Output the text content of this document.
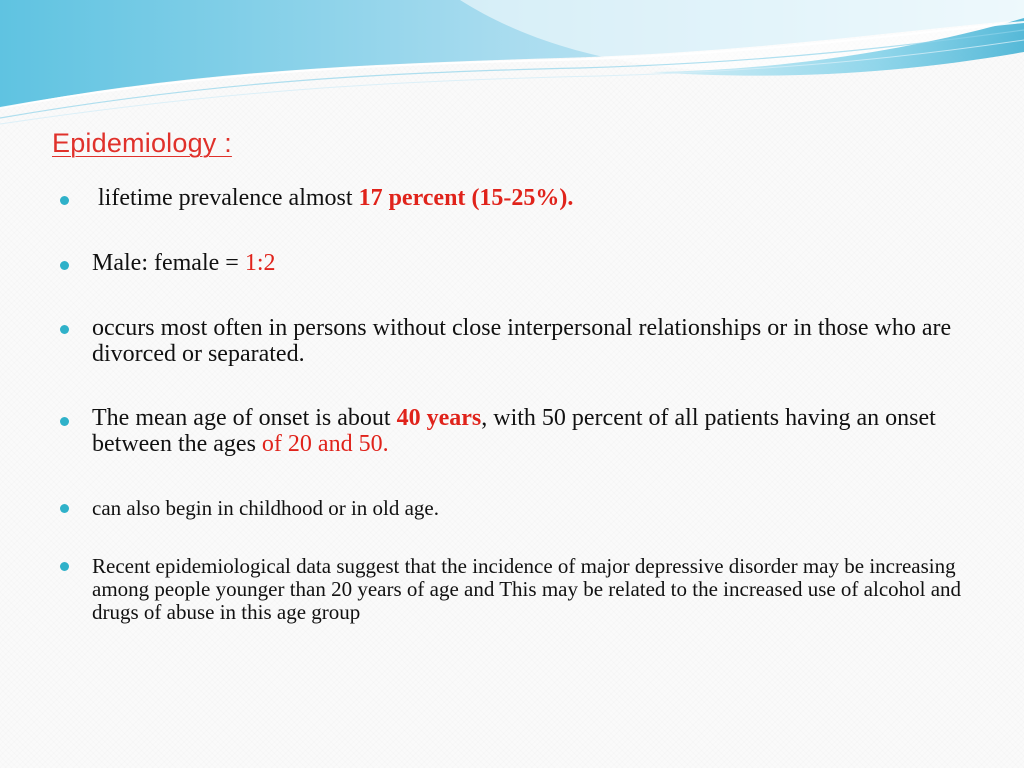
Epidemiology :
lifetime prevalence almost 17 percent (15-25%).
Male: female = 1:2
occurs most often in persons without close interpersonal relationships or in those who are divorced or separated.
The mean age of onset is about 40 years, with 50 percent of all patients having an onset between the ages of 20 and 50.
can also begin in childhood or in old age.
Recent epidemiological data suggest that the incidence of major depressive disorder may be increasing among people younger than 20 years of age and This may be related to the increased use of alcohol and drugs of abuse in this age group
